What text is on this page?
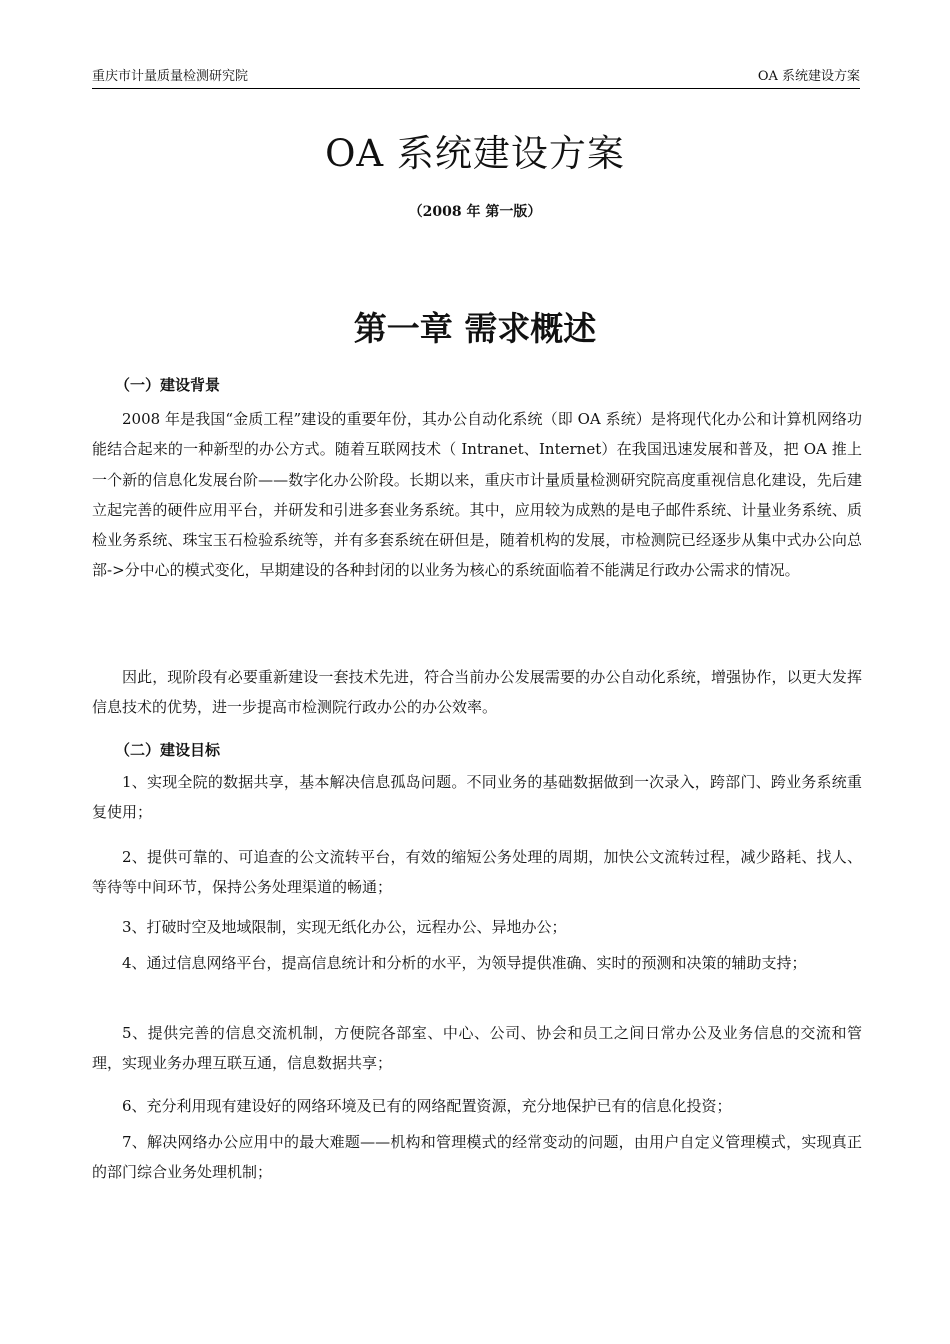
重庆市计量质量检测研究院	OA 系统建设方案
OA 系统建设方案
（2008 年 第一版）
第一章 需求概述
（一）建设背景

2008 年是我国“金质工程”建设的重要年份，其办公自动化系统（即 OA 系统）是将现代化办公和计算机网络功能结合起来的一种新型的办公方式。随着互联网技术（ Intranet、Internet）在我国迅速发展和普及，把 OA 推上一个新的信息化发展台阶——数字化办公阶段。长期以来，重庆市计量质量检测研究院高度重视信息化建设，先后建立起完善的硬件应用平台，并研发和引进多套业务系统。其中，应用较为成熟的是电子邮件系统、计量业务系统、质检业务系统、珠宝玉石检验系统等，并有多套系统在研但是，随着机构的发展，市检测院已经逐步从集中式办公向总部->分中心的模式变化，早期建设的各种封闭的以业务为核心的系统面临着不能满足行政办公需求的情况。

因此，现阶段有必要重新建设一套技术先进，符合当前办公发展需要的办公自动化系统，增强协作，以更大发挥信息技术的优势，进一步提高市检测院行政办公的办公效率。

（二）建设目标

1、实现全院的数据共享，基本解决信息孤岛问题。不同业务的基础数据做到一次录入，跨部门、跨业务系统重复使用；

2、提供可靠的、可追查的公文流转平台，有效的缩短公务处理的周期，加快公文流转过程，减少路耗、找人、等待等中间环节，保持公务处理渠道的畅通；

3、打破时空及地域限制，实现无纸化办公，远程办公、异地办公；

4、通过信息网络平台，提高信息统计和分析的水平，为领导提供准确、实时的预测和决策的辅助支持；

5、提供完善的信息交流机制，方便院各部室、中心、公司、协会和员工之间日常办公及业务信息的交流和管理，实现业务办理互联互通，信息数据共享；

6、充分利用现有建设好的网络环境及已有的网络配置资源，充分地保护已有的信息化投资；

7、解决网络办公应用中的最大难题——机构和管理模式的经常变动的问题，由用户自定义管理模式，实现真正的部门综合业务处理机制；
